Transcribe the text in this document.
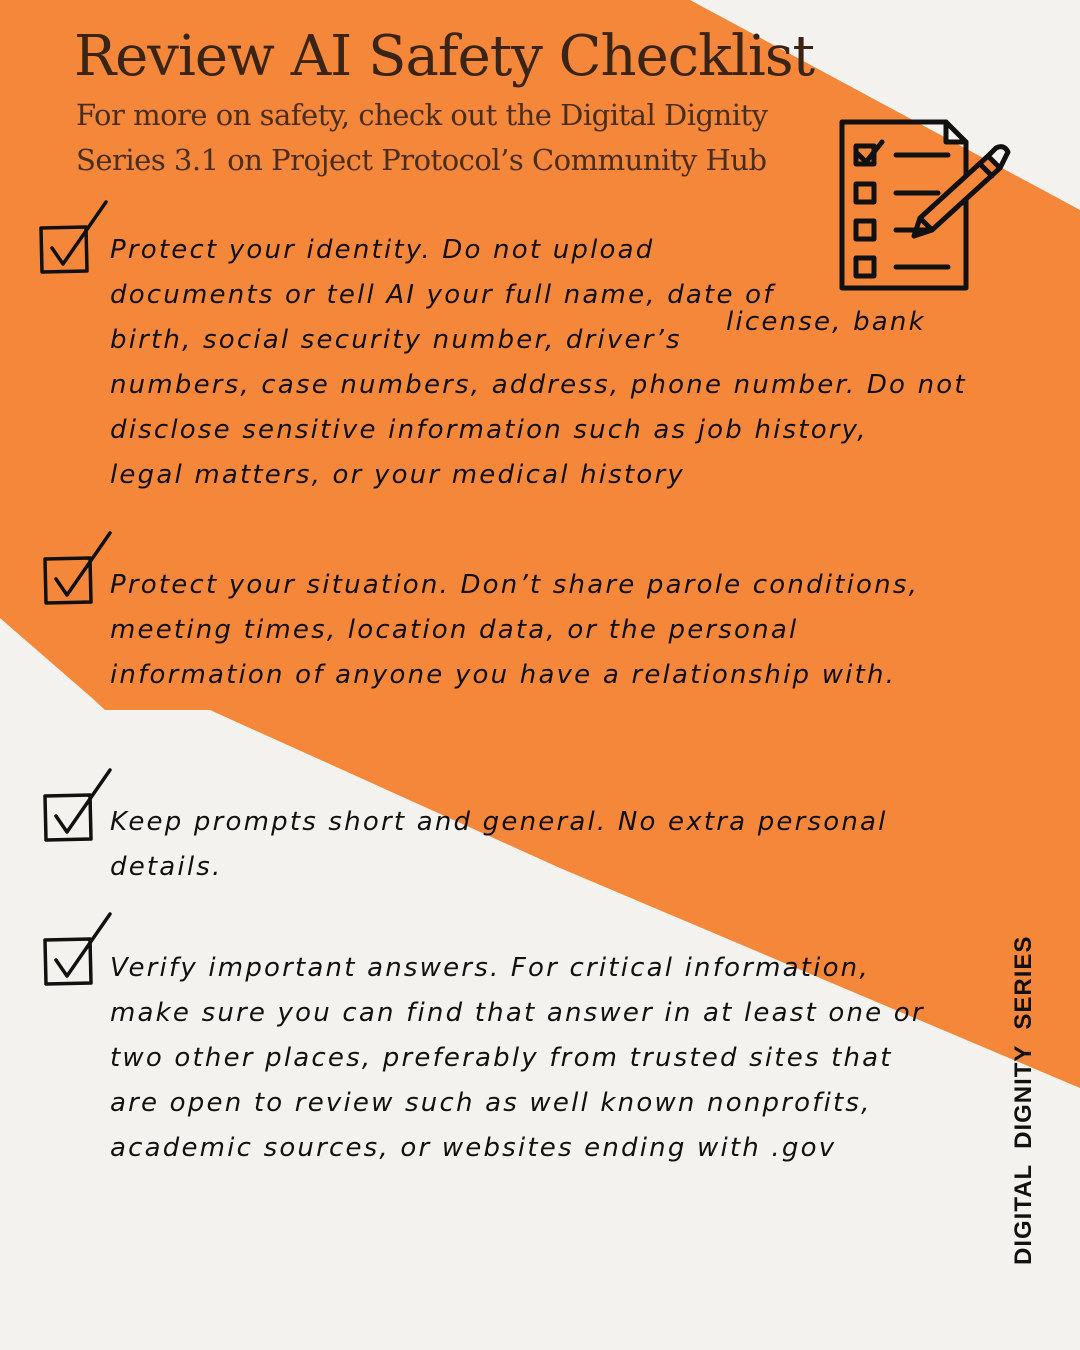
Review AI Safety Checklist
For more on safety, check out the Digital Dignity
Series 3.1 on Project Protocol’s Community Hub
Protect your identity. Do not upload
documents or tell AI your full name, date of
birth, social security number, driver’s
numbers, case numbers, address, phone number. Do not
disclose sensitive information such as job history,
legal matters, or your medical history
license, bank
Protect your situation. Don’t share parole conditions,
meeting times, location data, or the personal
information of anyone you have a relationship with.
Keep prompts short and general. No extra personal
details.
Verify important answers. For critical information,
make sure you can find that answer in at least one or
two other places, preferably from trusted sites that
are open to review such as well known nonprofits,
academic sources, or websites ending with .gov	DIGITAL  DIGNITY  SERIES
